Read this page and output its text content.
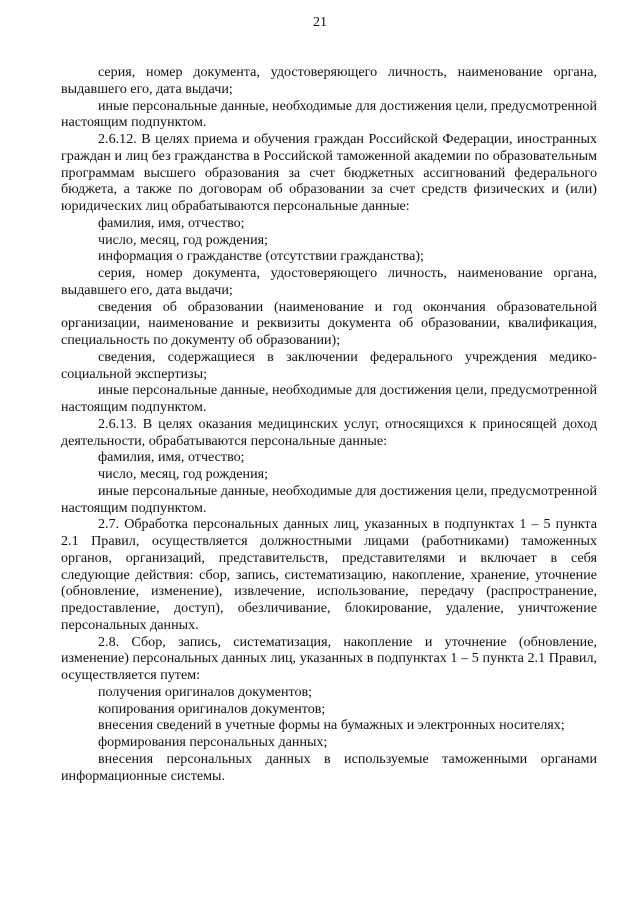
21

серия, номер документа, удостоверяющего личность, наименование органа, выдавшего его, дата выдачи;

иные персональные данные, необходимые для достижения цели, предусмотренной настоящим подпунктом.

2.6.12. В целях приема и обучения граждан Российской Федерации, иностранных граждан и лиц без гражданства в Российской таможенной академии по образовательным программам высшего образования за счет бюджетных ассигнований федерального бюджета, а также по договорам об образовании за счет средств физических и (или) юридических лиц обрабатываются персональные данные:

фамилия, имя, отчество;

число, месяц, год рождения;

информация о гражданстве (отсутствии гражданства);

серия, номер документа, удостоверяющего личность, наименование органа, выдавшего его, дата выдачи;

сведения об образовании (наименование и год окончания образовательной организации, наименование и реквизиты документа об образовании, квалификация, специальность по документу об образовании);

сведения, содержащиеся в заключении федерального учреждения медико-социальной экспертизы;

иные персональные данные, необходимые для достижения цели, предусмотренной настоящим подпунктом.

2.6.13. В целях оказания медицинских услуг, относящихся к приносящей доход деятельности, обрабатываются персональные данные:

фамилия, имя, отчество;

число, месяц, год рождения;

иные персональные данные, необходимые для достижения цели, предусмотренной настоящим подпунктом.

2.7. Обработка персональных данных лиц, указанных в подпунктах 1 – 5 пункта 2.1 Правил, осуществляется должностными лицами (работниками) таможенных органов, организаций, представительств, представителями и включает в себя следующие действия: сбор, запись, систематизацию, накопление, хранение, уточнение (обновление, изменение), извлечение, использование, передачу (распространение, предоставление, доступ), обезличивание, блокирование, удаление, уничтожение персональных данных.

2.8. Сбор, запись, систематизация, накопление и уточнение (обновление, изменение) персональных данных лиц, указанных в подпунктах 1 – 5 пункта 2.1 Правил, осуществляется путем:

получения оригиналов документов;

копирования оригиналов документов;

внесения сведений в учетные формы на бумажных и электронных носителях;

формирования персональных данных;

внесения персональных данных в используемые таможенными органами информационные системы.
